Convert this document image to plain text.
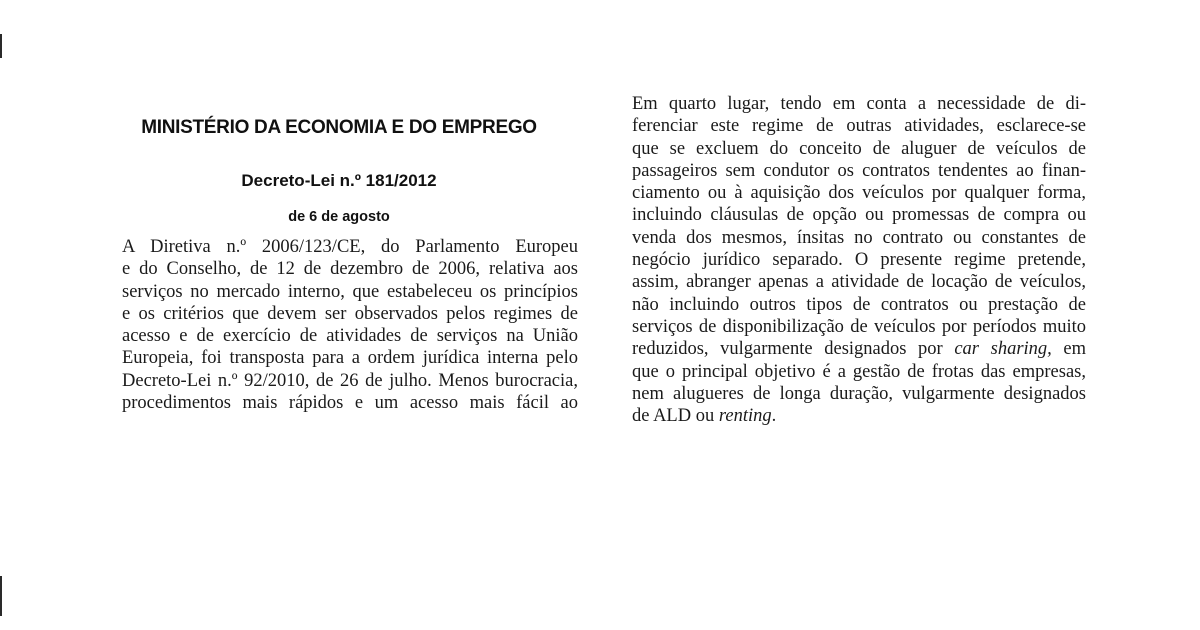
MINISTÉRIO DA ECONOMIA E DO EMPREGO
Decreto-Lei n.º 181/2012
de 6 de agosto

A Diretiva n.º 2006/123/CE, do Parlamento Europeu
e do Conselho, de 12 de dezembro de 2006, relativa aos
serviços no mercado interno, que estabeleceu os princípios
e os critérios que devem ser observados pelos regimes de
acesso e de exercício de atividades de serviços na União
Europeia, foi transposta para a ordem jurídica interna pelo
Decreto-Lei n.º 92/2010, de 26 de julho. Menos burocracia,
procedimentos mais rápidos e um acesso mais fácil ao

Em quarto lugar, tendo em conta a necessidade de di-
ferenciar este regime de outras atividades, esclarece-se
que se excluem do conceito de aluguer de veículos de
passageiros sem condutor os contratos tendentes ao finan-
ciamento ou à aquisição dos veículos por qualquer forma,
incluindo cláusulas de opção ou promessas de compra ou
venda dos mesmos, ínsitas no contrato ou constantes de
negócio jurídico separado. O presente regime pretende,
assim, abranger apenas a atividade de locação de veículos,
não incluindo outros tipos de contratos ou prestação de
serviços de disponibilização de veículos por períodos muito
reduzidos, vulgarmente designados por car sharing, em
que o principal objetivo é a gestão de frotas das empresas,
nem alugueres de longa duração, vulgarmente designados
de ALD ou renting.
